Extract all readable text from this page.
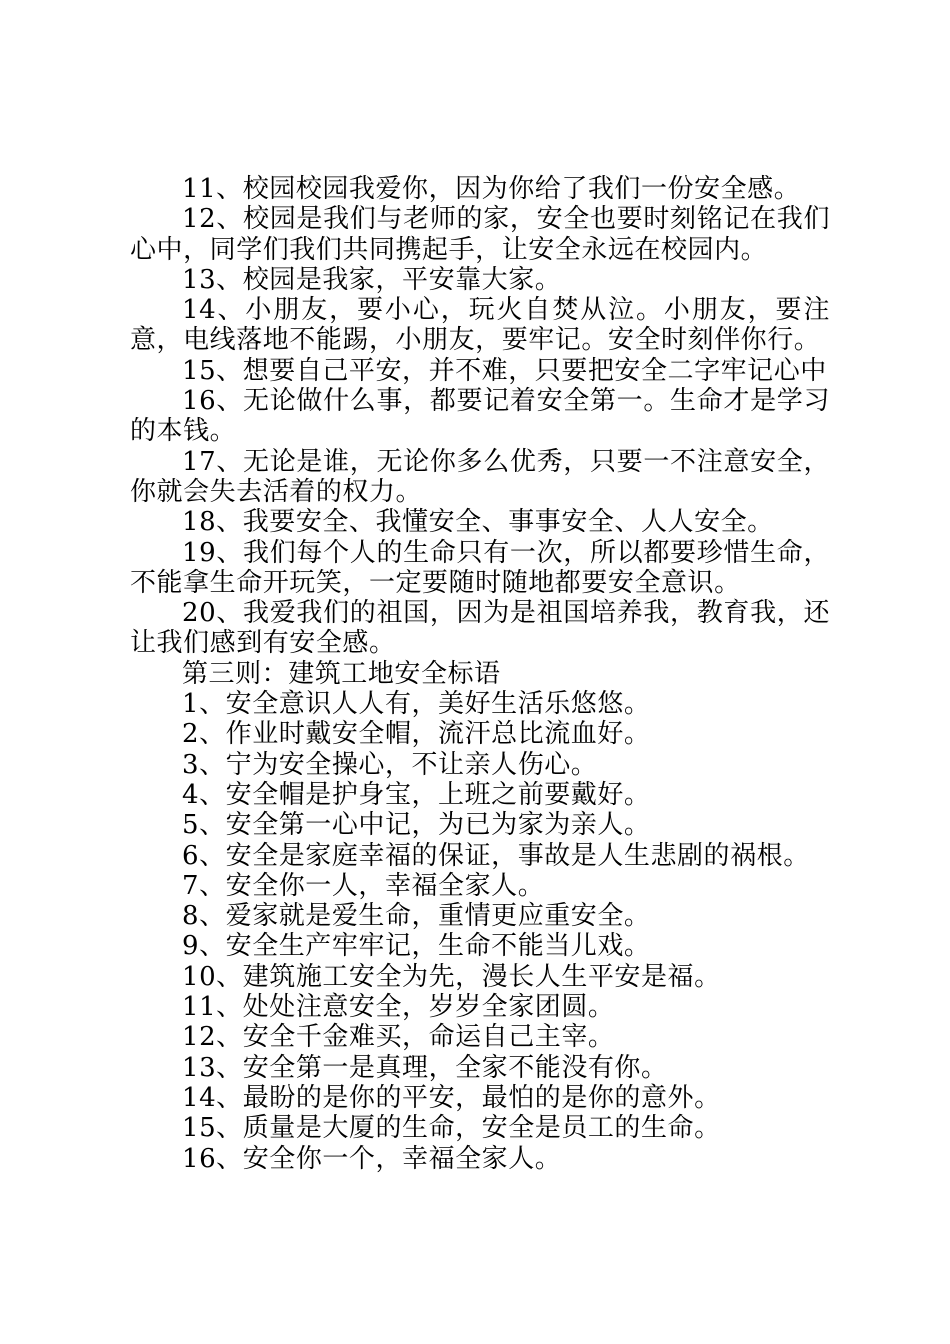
11、校园校园我爱你，因为你给了我们一份安全感。

12、校园是我们与老师的家，安全也要时刻铭记在我们心中，同学们我们共同携起手，让安全永远在校园内。

13、校园是我家，平安靠大家。

14、小朋友，要小心，玩火自焚从泣。小朋友，要注意，电线落地不能踢，小朋友，要牢记。安全时刻伴你行。

15、想要自己平安，并不难，只要把安全二字牢记心中

16、无论做什么事，都要记着安全第一。生命才是学习的本钱。

17、无论是谁，无论你多么优秀，只要一不注意安全，你就会失去活着的权力。

18、我要安全、我懂安全、事事安全、人人安全。

19、我们每个人的生命只有一次，所以都要珍惜生命，不能拿生命开玩笑，一定要随时随地都要安全意识。

20、我爱我们的祖国，因为是祖国培养我，教育我，还让我们感到有安全感。

第三则：建筑工地安全标语

1、安全意识人人有，美好生活乐悠悠。

2、作业时戴安全帽，流汗总比流血好。

3、宁为安全操心，不让亲人伤心。

4、安全帽是护身宝，上班之前要戴好。

5、安全第一心中记，为已为家为亲人。

6、安全是家庭幸福的保证，事故是人生悲剧的祸根。

7、安全你一人，幸福全家人。

8、爱家就是爱生命，重情更应重安全。

9、安全生产牢牢记，生命不能当儿戏。

10、建筑施工安全为先，漫长人生平安是福。

11、处处注意安全，岁岁全家团圆。

12、安全千金难买，命运自己主宰。

13、安全第一是真理，全家不能没有你。

14、最盼的是你的平安，最怕的是你的意外。

15、质量是大厦的生命，安全是员工的生命。

16、安全你一个，幸福全家人。
